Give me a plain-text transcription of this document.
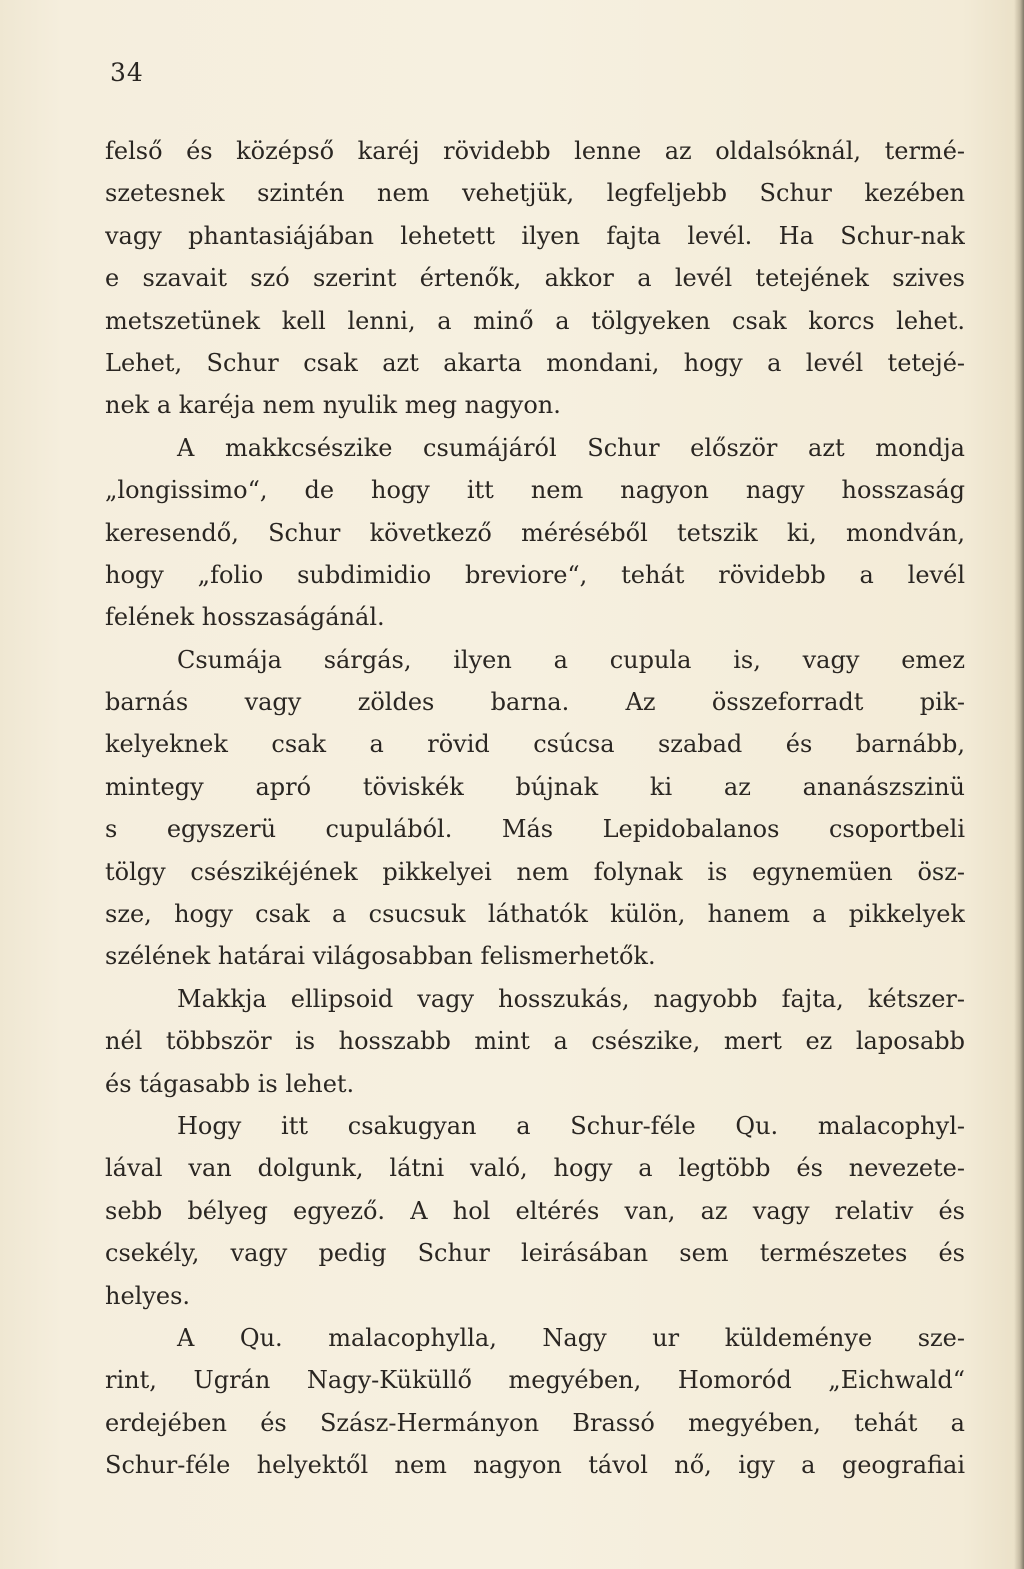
34
felső és középső karéj rövidebb lenne az oldalsóknál, termé-
szetesnek szintén nem vehetjük, legfeljebb Schur kezében
vagy phantasiájában lehetett ilyen fajta levél. Ha Schur-nak
e szavait szó szerint értenők, akkor a levél tetejének szives
metszetünek kell lenni, a minő a tölgyeken csak korcs lehet.
Lehet, Schur csak azt akarta mondani, hogy a levél tetejé-
nek a karéja nem nyulik meg nagyon.
A makkcsészike csumájáról Schur először azt mondja
„longissimo“, de hogy itt nem nagyon nagy hosszaság
keresendő, Schur következő méréséből tetszik ki, mondván,
hogy „folio subdimidio breviore“, tehát rövidebb a levél
felének hosszaságánál.
Csumája sárgás, ilyen a cupula is, vagy emez
barnás vagy zöldes barna. Az összeforradt pik-
kelyeknek csak a rövid csúcsa szabad és barnább,
mintegy apró töviskék bújnak ki az ananászszinü
s egyszerü cupulából. Más Lepidobalanos csoportbeli
tölgy csészikéjének pikkelyei nem folynak is egynemüen ösz-
sze, hogy csak a csucsuk láthatók külön, hanem a pikkelyek
szélének határai világosabban felismerhetők.
Makkja ellipsoid vagy hosszukás, nagyobb fajta, kétszer-
nél többször is hosszabb mint a csészike, mert ez laposabb
és tágasabb is lehet.
Hogy itt csakugyan a Schur-féle Qu. malacophyl-
lával van dolgunk, látni való, hogy a legtöbb és nevezete-
sebb bélyeg egyező. A hol eltérés van, az vagy relativ és
csekély, vagy pedig Schur leirásában sem természetes és
helyes.
A Qu. malacophylla, Nagy ur küldeménye sze-
rint, Ugrán Nagy-Küküllő megyében, Homoród „Eichwald“
erdejében és Szász-Hermányon Brassó megyében, tehát a
Schur-féle helyektől nem nagyon távol nő, igy a geografiai
